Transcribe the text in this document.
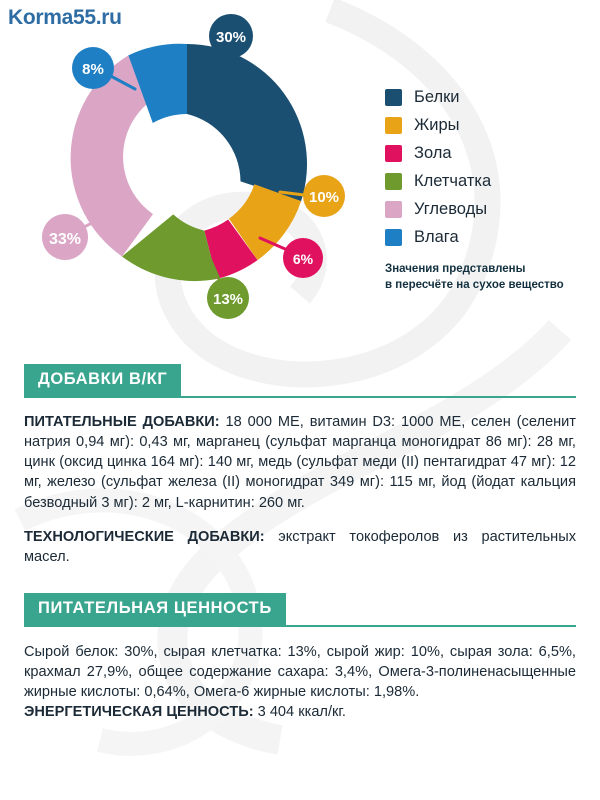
Korma55.ru
30%
10%
6%
13%
33%
8%
Белки
Жиры
Зола
Клетчатка
Углеводы
Влага
Значения представлены
в пересчёте на сухое вещество
ДОБАВКИ В/КГ

ПИТАТЕЛЬНЫЕ ДОБАВКИ: 18 000 МЕ, витамин D3: 1000 МЕ, селен (селенит натрия 0,94 мг): 0,43 мг, марганец (сульфат марганца моногидрат 86 мг): 28 мг, цинк (оксид цинка 164 мг): 140 мг, медь (сульфат меди (II) пентагидрат 47 мг): 12 мг, железо (сульфат железа (II) моногидрат 349 мг): 115 мг, йод (йодат кальция безводный 3 мг): 2 мг, L-карнитин: 260 мг.

ТЕХНОЛОГИЧЕСКИЕ ДОБАВКИ: экстракт токоферолов из растительных масел.

ПИТАТЕЛЬНАЯ ЦЕННОСТЬ

Сырой белок: 30%, сырая клетчатка: 13%, сырой жир: 10%, сырая зола: 6,5%, крахмал 27,9%, общее содержание сахара: 3,4%, Омега-3-полиненасыщенные жирные кислоты: 0,64%, Омега-6 жирные кислоты: 1,98%.

ЭНЕРГЕТИЧЕСКАЯ ЦЕННОСТЬ: 3 404 ккал/кг.
